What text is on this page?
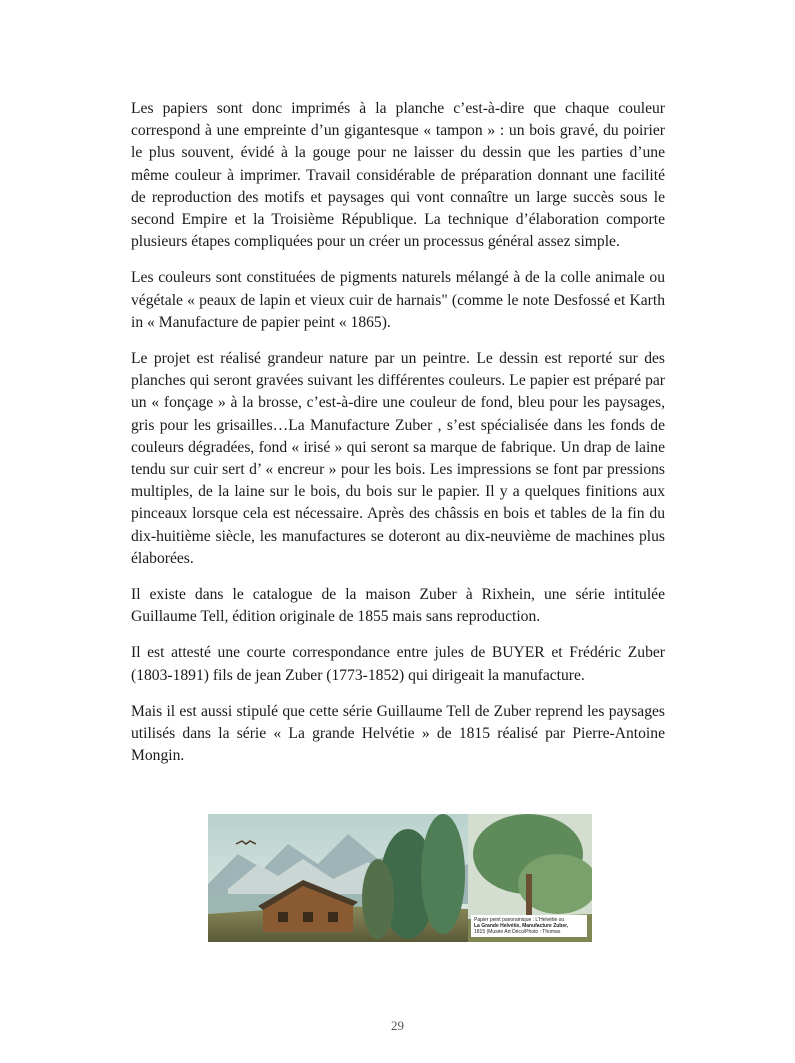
Les papiers sont donc imprimés à la planche c’est-à-dire que chaque couleur correspond à une empreinte d’un gigantesque « tampon » : un bois gravé, du poirier le plus souvent, évidé à la gouge pour ne laisser du dessin que les parties d’une même couleur à imprimer. Travail considérable de préparation donnant une facilité de reproduction des motifs et paysages qui vont connaître un large succès sous le second Empire et la Troisième République. La technique d’élaboration comporte plusieurs étapes compliquées pour un créer un processus général assez simple.

Les couleurs sont constituées de pigments naturels mélangé à de la colle animale ou végétale « peaux de lapin et vieux cuir de harnais" (comme le note Desfossé et Karth in « Manufacture de papier peint « 1865).

Le projet est réalisé grandeur nature par un peintre. Le dessin est reporté sur des planches qui seront gravées suivant les différentes couleurs. Le papier est préparé par un « fonçage » à la brosse, c’est-à-dire une couleur de fond, bleu pour les paysages, gris pour les grisailles…La Manufacture Zuber , s’est spécialisée dans les fonds de couleurs dégradées, fond « irisé » qui seront sa marque de fabrique. Un drap de laine tendu sur cuir sert d’ « encreur » pour les bois. Les impressions se font par pressions multiples, de la laine sur le bois, du bois sur le papier. Il y a quelques finitions aux pinceaux lorsque cela est nécessaire. Après des châssis en bois et tables de la fin du dix-huitième siècle, les manufactures se doteront au dix-neuvième de machines plus élaborées.

Il existe dans le catalogue de la maison Zuber à Rixhein, une série intitulée Guillaume Tell, édition originale de 1855 mais sans reproduction.

Il est attesté une courte correspondance entre jules de BUYER et Frédéric Zuber (1803-1891) fils de jean Zuber (1773-1852) qui dirigeait la manufacture.

Mais il est aussi stipulé que cette série Guillaume Tell de Zuber reprend les paysages utilisés dans la série « La grande Helvétie » de 1815 réalisé par Pierre-Antoine Mongin.

Papier peint panoramique : L'Helvétie ou
La Grande Helvétie, Manufacture Zuber,
1815 (Musée Art Déco/Photo : Thomas
29
